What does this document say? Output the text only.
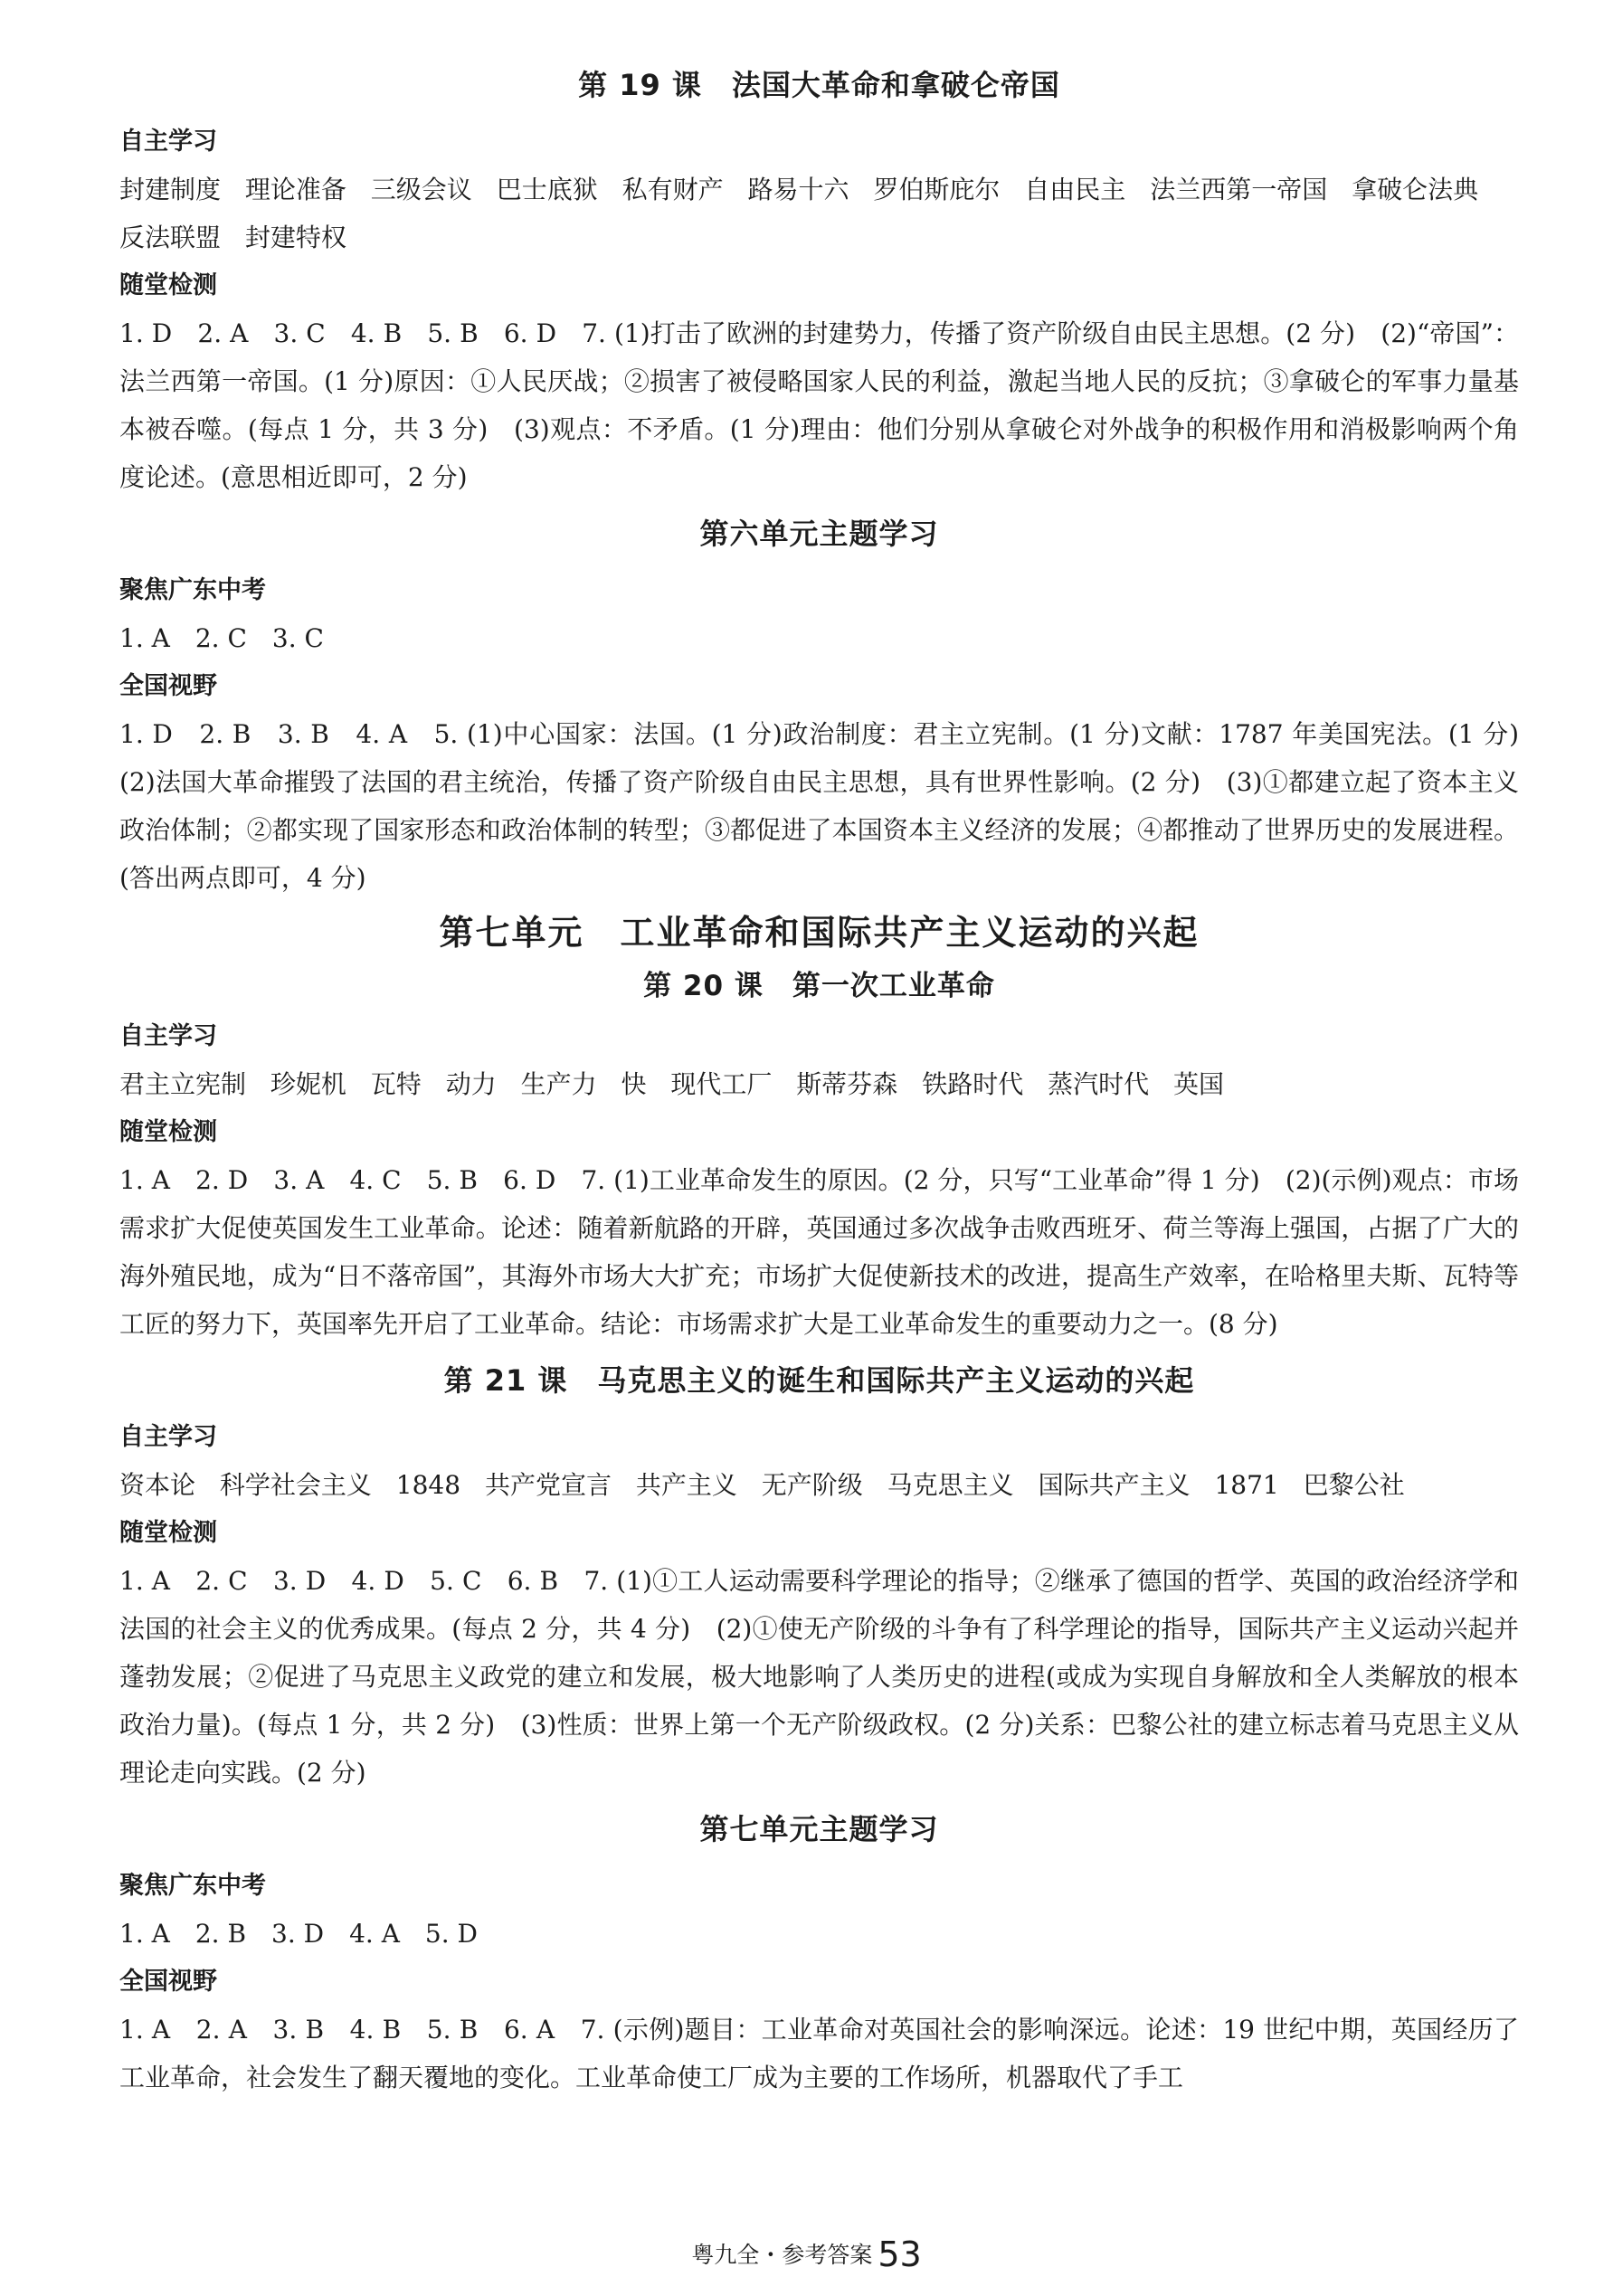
第 19 课　法国大革命和拿破仑帝国
自主学习

封建制度 理论准备 三级会议 巴士底狱 私有财产 路易十六 罗伯斯庇尔 自由民主 法兰西第一帝国 拿破仑法典 反法联盟 封建特权

随堂检测

1. D　2. A　3. C　4. B　5. B　6. D　7. (1)打击了欧洲的封建势力，传播了资产阶级自由民主思想。(2 分)　(2)“帝国”：法兰西第一帝国。(1 分)原因：①人民厌战；②损害了被侵略国家人民的利益，激起当地人民的反抗；③拿破仑的军事力量基本被吞噬。(每点 1 分，共 3 分)　(3)观点：不矛盾。(1 分)理由：他们分别从拿破仑对外战争的积极作用和消极影响两个角度论述。(意思相近即可，2 分)

第六单元主题学习
聚焦广东中考

1. A　2. C　3. C

全国视野

1. D　2. B　3. B　4. A　5. (1)中心国家：法国。(1 分)政治制度：君主立宪制。(1 分)文献：1787 年美国宪法。(1 分)　(2)法国大革命摧毁了法国的君主统治，传播了资产阶级自由民主思想，具有世界性影响。(2 分)　(3)①都建立起了资本主义政治体制；②都实现了国家形态和政治体制的转型；③都促进了本国资本主义经济的发展；④都推动了世界历史的发展进程。(答出两点即可，4 分)

第七单元　工业革命和国际共产主义运动的兴起
第 20 课　第一次工业革命
自主学习

君主立宪制 珍妮机 瓦特 动力 生产力 快 现代工厂 斯蒂芬森 铁路时代 蒸汽时代 英国

随堂检测

1. A　2. D　3. A　4. C　5. B　6. D　7. (1)工业革命发生的原因。(2 分，只写“工业革命”得 1 分)　(2)(示例)观点：市场需求扩大促使英国发生工业革命。论述：随着新航路的开辟，英国通过多次战争击败西班牙、荷兰等海上强国，占据了广大的海外殖民地，成为“日不落帝国”，其海外市场大大扩充；市场扩大促使新技术的改进，提高生产效率，在哈格里夫斯、瓦特等工匠的努力下，英国率先开启了工业革命。结论：市场需求扩大是工业革命发生的重要动力之一。(8 分)

第 21 课　马克思主义的诞生和国际共产主义运动的兴起
自主学习

资本论 科学社会主义 1848 共产党宣言 共产主义 无产阶级 马克思主义 国际共产主义 1871 巴黎公社

随堂检测

1. A　2. C　3. D　4. D　5. C　6. B　7. (1)①工人运动需要科学理论的指导；②继承了德国的哲学、英国的政治经济学和法国的社会主义的优秀成果。(每点 2 分，共 4 分)　(2)①使无产阶级的斗争有了科学理论的指导，国际共产主义运动兴起并蓬勃发展；②促进了马克思主义政党的建立和发展，极大地影响了人类历史的进程(或成为实现自身解放和全人类解放的根本政治力量)。(每点 1 分，共 2 分)　(3)性质：世界上第一个无产阶级政权。(2 分)关系：巴黎公社的建立标志着马克思主义从理论走向实践。(2 分)

第七单元主题学习
聚焦广东中考

1. A　2. B　3. D　4. A　5. D

全国视野

1. A　2. A　3. B　4. B　5. B　6. A　7. (示例)题目：工业革命对英国社会的影响深远。论述：19 世纪中期，英国经历了工业革命，社会发生了翻天覆地的变化。工业革命使工厂成为主要的工作场所，机器取代了手工

粤九全・参考答案 53
